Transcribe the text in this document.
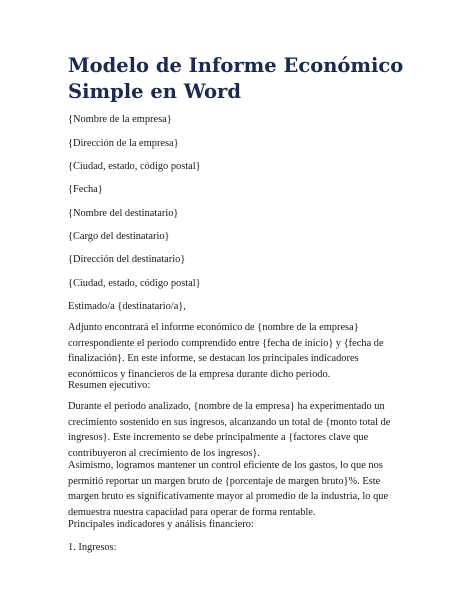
Modelo de Informe Económico Simple en Word

{Nombre de la empresa}

{Dirección de la empresa}

{Ciudad, estado, código postal}

{Fecha}

{Nombre del destinatario}

{Cargo del destinatario}

{Dirección del destinatario}

{Ciudad, estado, código postal}

Estimado/a {destinatario/a},

Adjunto encontrará el informe económico de {nombre de la empresa} correspondiente el periodo comprendido entre {fecha de inicio} y {fecha de finalización}. En este informe, se destacan los principales indicadores económicos y financieros de la empresa durante dicho periodo.

Resumen ejecutivo:

Durante el periodo analizado, {nombre de la empresa} ha experimentado un crecimiento sostenido en sus ingresos, alcanzando un total de {monto total de ingresos}. Este incremento se debe principalmente a {factores clave que contribuyeron al crecimiento de los ingresos}.

Asimismo, logramos mantener un control eficiente de los gastos, lo que nos permitió reportar un margen bruto de {porcentaje de margen bruto}%. Este margen bruto es significativamente mayor al promedio de la industria, lo que demuestra nuestra capacidad para operar de forma rentable.

Principales indicadores y análisis financiero:

1. Ingresos:
